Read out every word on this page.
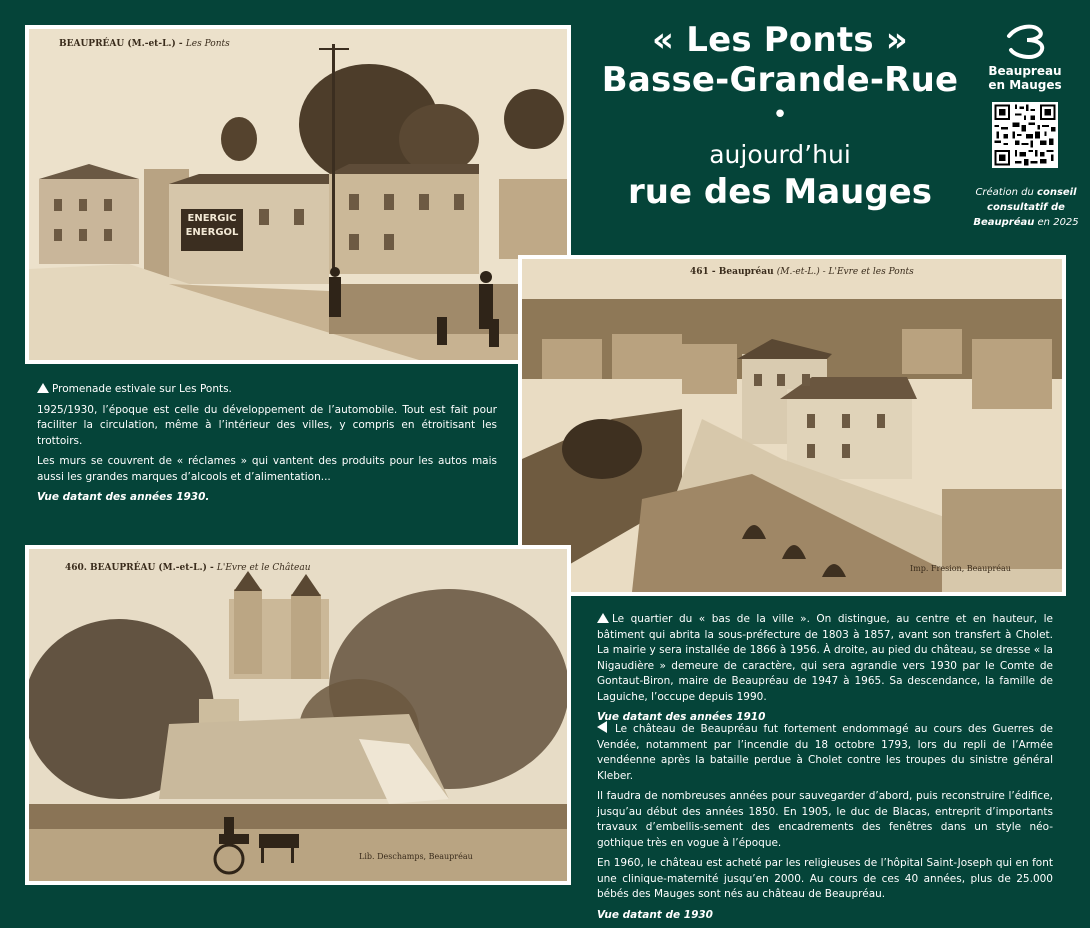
BEAUPRÉAU (M.-et-L.) - Les Ponts
ENERGIC
ENERGOL
« Les Ponts »
Basse-Grande-Rue
•
aujourd’hui
rue des Mauges
Beaupreau
en Mauges
Création du conseil consultatif de
Beaupréau en 2025
461 - Beaupréau (M.-et-L.) - L'Evre et les Ponts
Imp. Fresion, Beaupréau

Promenade estivale sur Les Ponts.

1925/1930, l’époque est celle du développement de l’automobile. Tout est fait pour faciliter la circulation, même à l’intérieur des villes, y compris en étroitisant les trottoirs.

Les murs se couvrent de « réclames » qui vantent des produits pour les autos mais aussi les grandes marques d’alcools et d’alimentation...

Vue datant des années 1930.

460. BEAUPRÉAU (M.-et-L.) - L'Evre et le Château
Lib. Deschamps, Beaupréau

Le quartier du « bas de la ville ». On distingue, au centre et en hauteur, le bâtiment qui abrita la sous-préfecture de 1803 à 1857, avant son transfert à Cholet. La mairie y sera installée de 1866 à 1956. À droite, au pied du château, se dresse « la Nigaudière » demeure de caractère, qui sera agrandie vers 1930 par le Comte de Gontaut-Biron, maire de Beaupréau de 1947 à 1965. Sa descendance, la famille de Laguiche, l’occupe depuis 1990.

Vue datant des années 1910

Le château de Beaupréau fut fortement endommagé au cours des Guerres de Vendée, notamment par l’incendie du 18 octobre 1793, lors du repli de l’Armée vendéenne après la bataille perdue à Cholet contre les troupes du sinistre général Kleber.

Il faudra de nombreuses années pour sauvegarder d’abord, puis reconstruire l’édifice, jusqu’au début des années 1850. En 1905, le duc de Blacas, entreprit d’importants travaux d’embellis-sement des encadrements des fenêtres dans un style néo-gothique très en vogue à l’époque.

En 1960, le château est acheté par les religieuses de l’hôpital Saint-Joseph qui en font une clinique-maternité jusqu’en 2000. Au cours de ces 40 années, plus de 25.000 bébés des Mauges sont nés au château de Beaupréau.

Vue datant de 1930
